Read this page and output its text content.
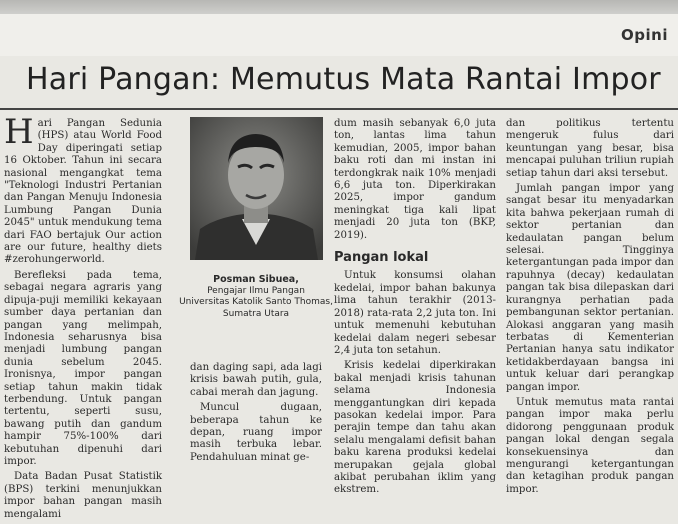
Opini
Hari Pangan: Memutus Mata Rantai Impor

Hari Pangan Sedunia (HPS) atau World Food Day diperingati setiap 16 Oktober. Tahun ini secara nasional mengangkat tema "Teknologi Industri Pertanian dan Pangan Menuju Indonesia Lumbung Pangan Dunia 2045" untuk mendukung tema dari FAO bertajuk Our action are our future, healthy diets #zerohungerworld.

Berefleksi pada tema, sebagai negara agraris yang dipuja-puji memiliki kekayaan sumber daya pertanian dan pangan yang melimpah, Indonesia seharusnya bisa menjadi lumbung pangan dunia sebelum 2045. Ironisnya, impor pangan setiap tahun makin tidak terbendung. Untuk pangan tertentu, seperti susu, bawang putih dan gandum hampir 75%-100% dari kebutuhan dipenuhi dari impor.

Data Badan Pusat Statistik (BPS) terkini menunjukkan impor bahan pangan masih mengalami

Posman Sibuea,
Pengajar Ilmu Pangan
Universitas Katolik Santo Thomas,
Sumatra Utara

dan daging sapi, ada lagi krisis bawah putih, gula, cabai merah dan jagung.

Muncul dugaan, beberapa tahun ke depan, ruang impor masih terbuka lebar. Pendahuluan minat ge-

dum masih sebanyak 6,0 juta ton, lantas lima tahun kemudian, 2005, impor bahan baku roti dan mi instan ini terdongkrak naik 10% menjadi 6,6 juta ton. Diperkirakan 2025, impor gandum meningkat tiga kali lipat menjadi 20 juta ton (BKP, 2019).

Pangan lokal

Untuk konsumsi olahan kedelai, impor bahan bakunya lima tahun terakhir (2013-2018) rata-rata 2,2 juta ton. Ini untuk memenuhi kebutuhan kedelai dalam negeri sebesar 2,4 juta ton setahun.

Krisis kedelai diperkirakan bakal menjadi krisis tahunan selama Indonesia menggantungkan diri kepada pasokan kedelai impor. Para perajin tempe dan tahu akan selalu mengalami defisit bahan baku karena produksi kedelai merupakan gejala global akibat perubahan iklim yang ekstrem.

dan politikus tertentu mengeruk fulus dari keuntungan yang besar, bisa mencapai puluhan triliun rupiah setiap tahun dari aksi tersebut.

Jumlah pangan impor yang sangat besar itu menyadarkan kita bahwa pekerjaan rumah di sektor pertanian dan kedaulatan pangan belum selesai. Tingginya ketergantungan pada impor dan rapuhnya (decay) kedaulatan pangan tak bisa dilepaskan dari kurangnya perhatian pada pembangunan sektor pertanian. Alokasi anggaran yang masih terbatas di Kementerian Pertanian hanya satu indikator ketidakberdayaan bangsa ini untuk keluar dari perangkap pangan impor.

Untuk memutus mata rantai pangan impor maka perlu didorong penggunaan produk pangan lokal dengan segala konsekuensinya dan mengurangi ketergantungan dan ketagihan produk pangan impor.
